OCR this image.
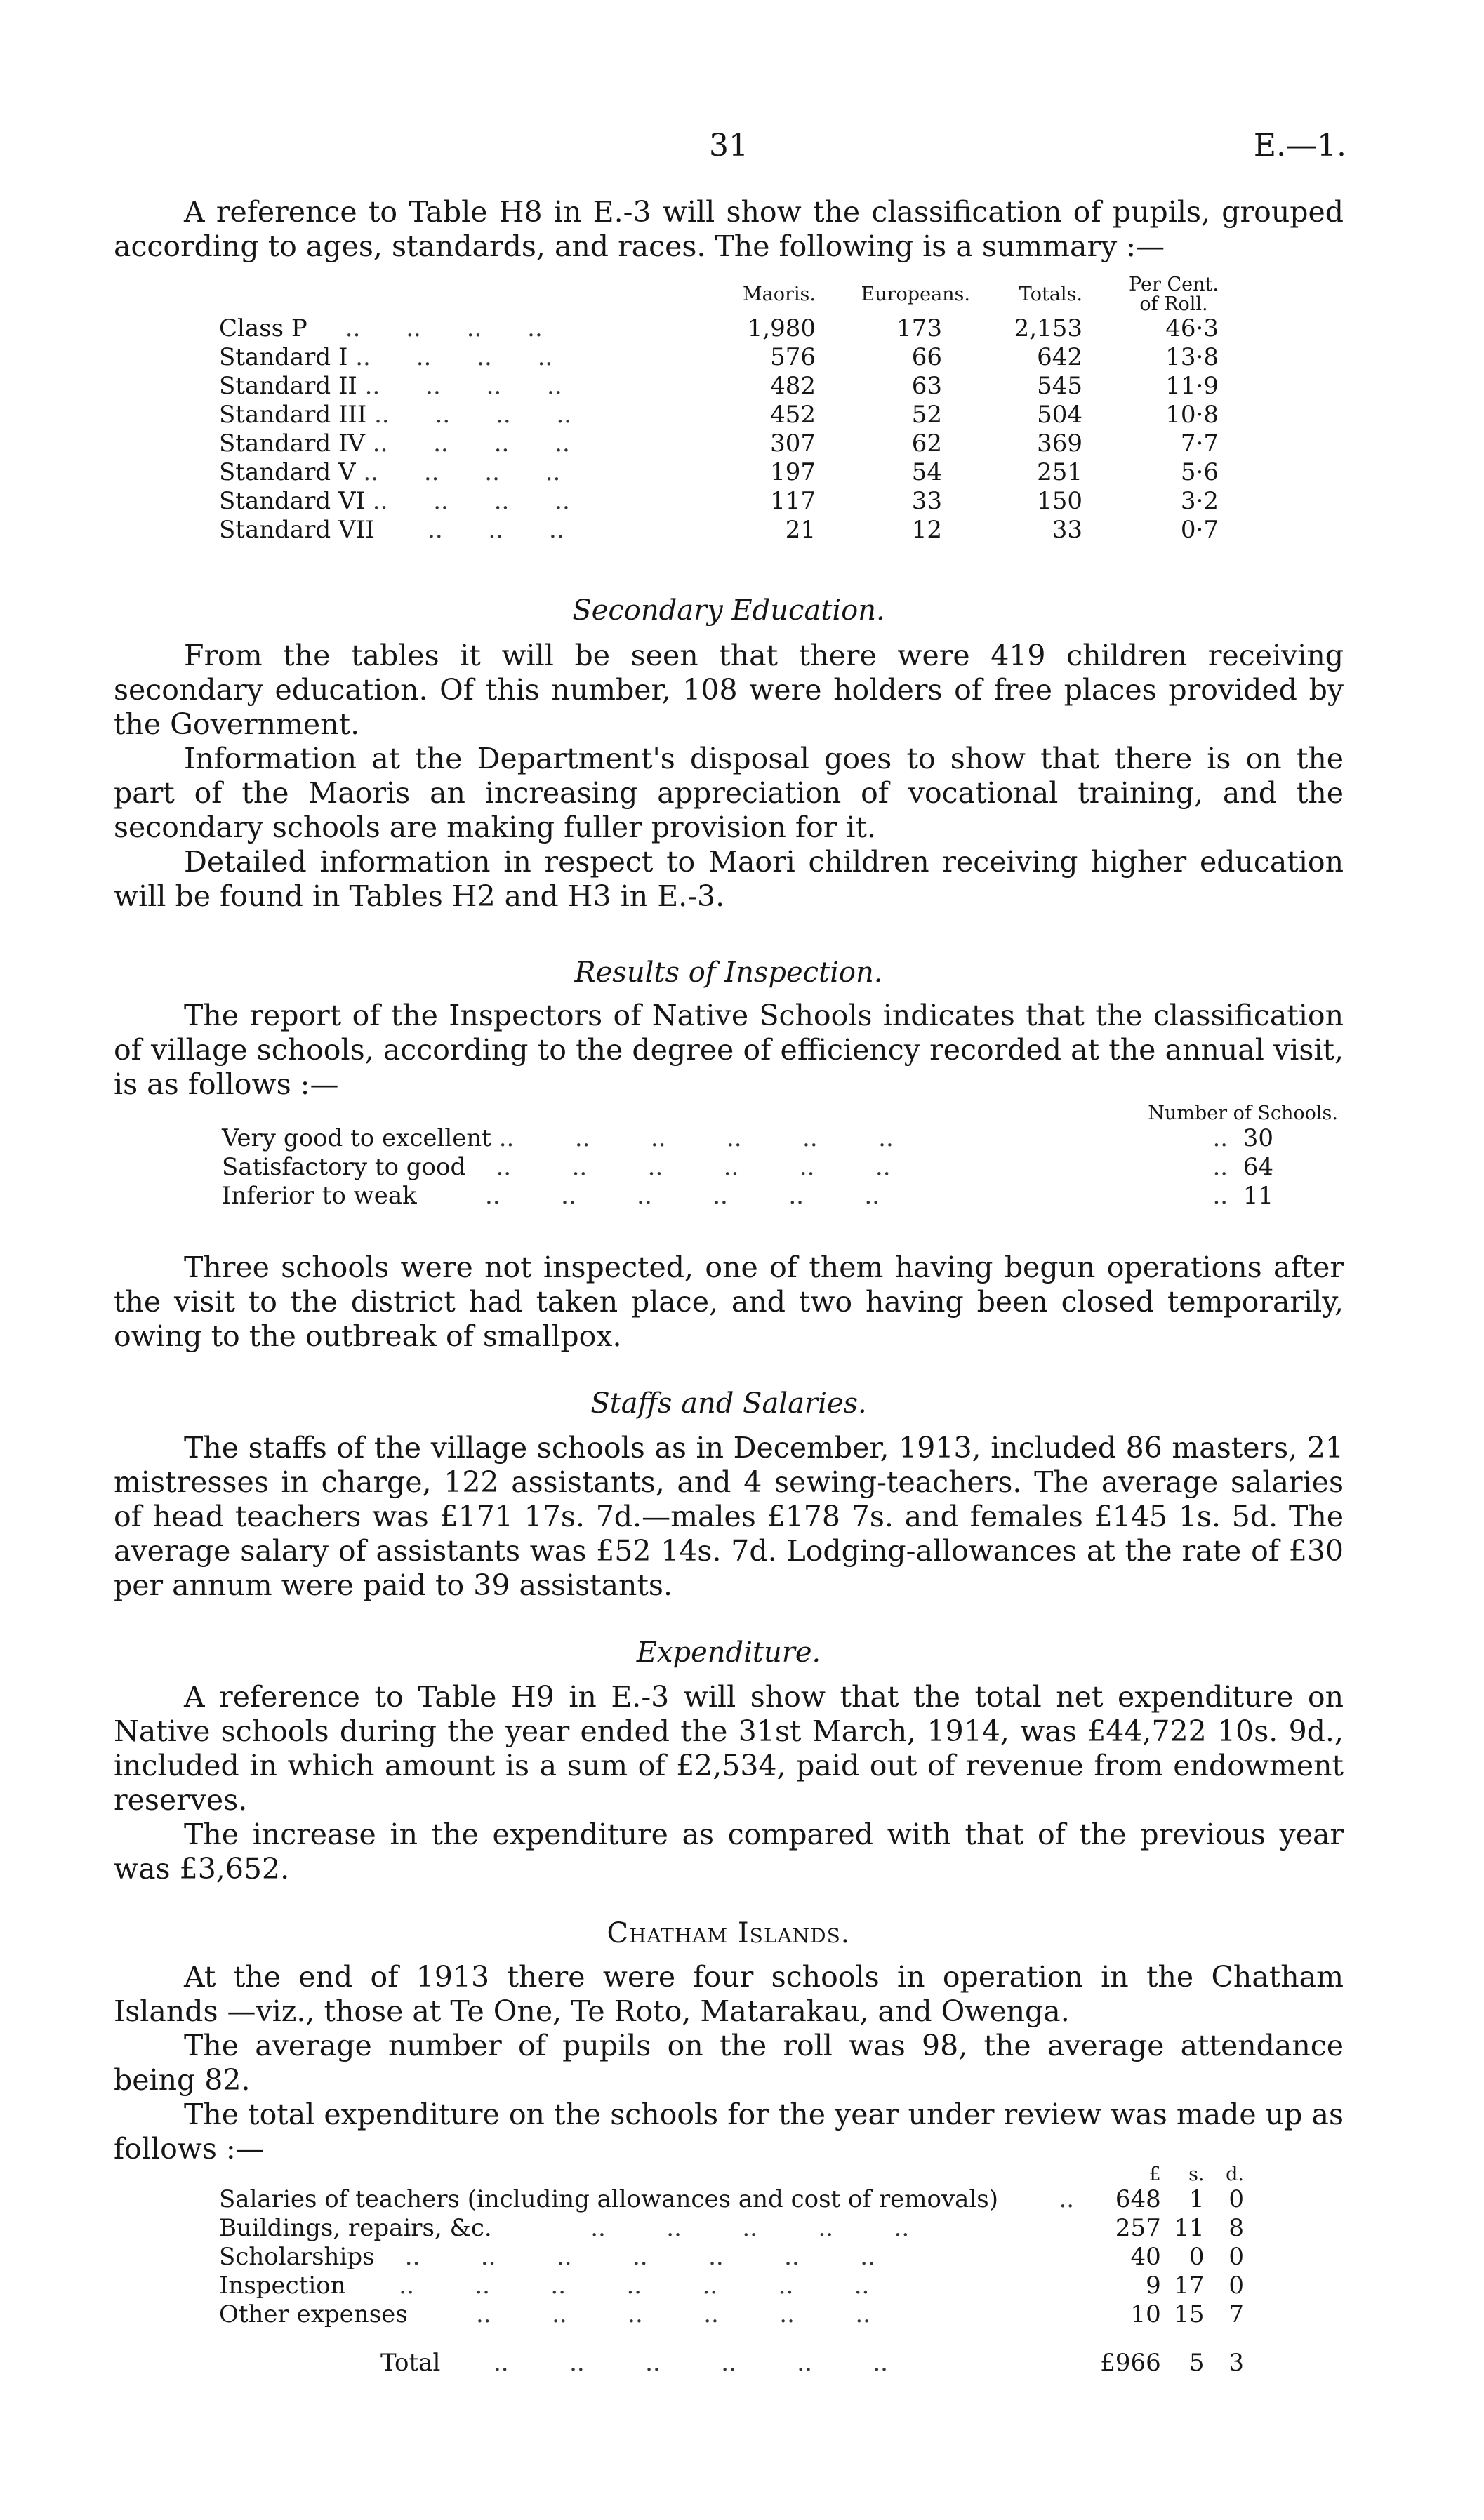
31	E.—1.

A reference to Table H8 in E.-3 will show the classification of pupils, grouped according to ages, standards, and races. The following is a summary :—

	Maoris.	Europeans.	Totals.	Per Cent.
of Roll.
Class P     ..      ..      ..      ..	1,980	173	2,153	46·3
Standard I ..      ..      ..      ..	576	66	642	13·8
Standard II ..      ..      ..      ..	482	63	545	11·9
Standard III ..      ..      ..      ..	452	52	504	10·8
Standard IV ..      ..      ..      ..	307	62	369	7·7
Standard V ..      ..      ..      ..	197	54	251	5·6
Standard VI ..      ..      ..      ..	117	33	150	3·2
Standard VII       ..      ..      ..	21	12	33	0·7
Secondary Education.

From the tables it will be seen that there were 419 children receiving secondary education. Of this number, 108 were holders of free places provided by the Government.

Information at the Department's disposal goes to show that there is on the part of the Maoris an increasing appreciation of vocational training, and the secondary schools are making fuller provision for it.

Detailed information in respect to Maori children receiving higher education will be found in Tables H2 and H3 in E.-3.

Results of Inspection.

The report of the Inspectors of Native Schools indicates that the classification of village schools, according to the degree of efficiency recorded at the annual visit, is as follows :—

	Number of Schools.
Very good to excellent ..        ..        ..        ..        ..        ..	..  30
Satisfactory to good    ..        ..        ..        ..        ..        ..	..  64
Inferior to weak         ..        ..        ..        ..        ..        ..	..  11

Three schools were not inspected, one of them having begun operations after the visit to the district had taken place, and two having been closed temporarily, owing to the outbreak of smallpox.

Staffs and Salaries.

The staffs of the village schools as in December, 1913, included 86 masters, 21 mistresses in charge, 122 assistants, and 4 sewing-teachers. The average salaries of head teachers was £171 17s. 7d.—males £178 7s. and females £145 1s. 5d. The average salary of assistants was £52 14s. 7d. Lodging-allowances at the rate of £30 per annum were paid to 39 assistants.

Expenditure.

A reference to Table H9 in E.-3 will show that the total net expenditure on Native schools during the year ended the 31st March, 1914, was £44,722 10s. 9d., included in which amount is a sum of £2,534, paid out of revenue from endowment reserves.

The increase in the expenditure as compared with that of the previous year was £3,652.

Chatham Islands.

At the end of 1913 there were four schools in operation in the Chatham Islands —viz., those at Te One, Te Roto, Matarakau, and Owenga.

The average number of pupils on the roll was 98, the average attendance being 82.

The total expenditure on the schools for the year under review was made up as follows :—

	£	s.	d.
Salaries of teachers (including allowances and cost of removals)        ..	648	1	0
Buildings, repairs, &c.             ..        ..        ..        ..        ..	257	11	8
Scholarships    ..        ..        ..        ..        ..        ..        ..	40	0	0
Inspection       ..        ..        ..        ..        ..        ..        ..	9	17	0
Other expenses         ..        ..        ..        ..        ..        ..	10	15	7
Total       ..        ..        ..        ..        ..        ..	£966	5	3
